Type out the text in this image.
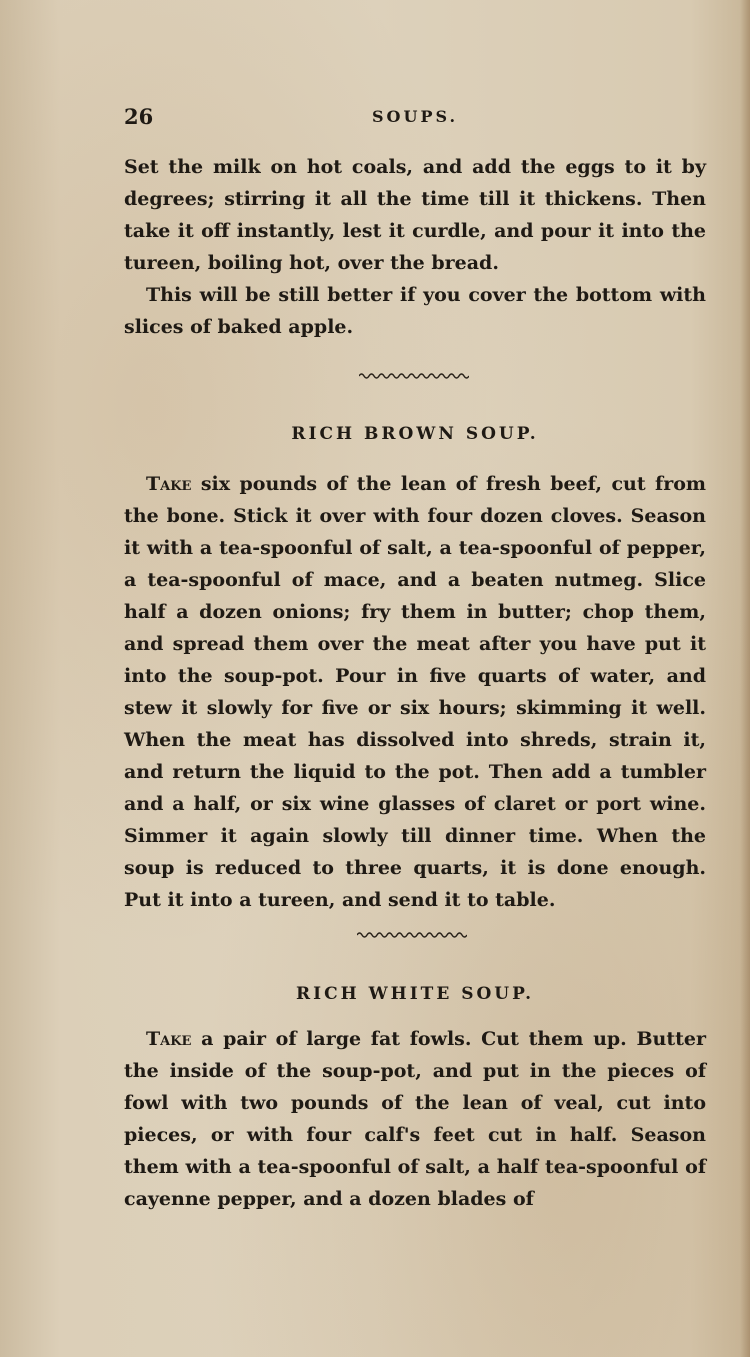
26	SOUPS.

Set the milk on hot coals, and add the eggs to it by degrees; stirring it all the time till it thickens. Then take it off instantly, lest it curdle, and pour it into the tureen, boiling hot, over the bread.

This will be still better if you cover the bottom with slices of baked apple.

RICH BROWN SOUP.

Take six pounds of the lean of fresh beef, cut from the bone. Stick it over with four dozen cloves. Season it with a tea-spoonful of salt, a tea-spoonful of pepper, a tea-spoonful of mace, and a beaten nutmeg. Slice half a dozen onions; fry them in butter; chop them, and spread them over the meat after you have put it into the soup-pot. Pour in five quarts of water, and stew it slowly for five or six hours; skimming it well. When the meat has dissolved into shreds, strain it, and return the liquid to the pot. Then add a tumbler and a half, or six wine glasses of claret or port wine. Simmer it again slowly till dinner time. When the soup is reduced to three quarts, it is done enough. Put it into a tureen, and send it to table.

RICH WHITE SOUP.

Take a pair of large fat fowls. Cut them up. Butter the inside of the soup-pot, and put in the pieces of fowl with two pounds of the lean of veal, cut into pieces, or with four calf's feet cut in half. Season them with a tea-spoonful of salt, a half tea-spoonful of cayenne pepper, and a dozen blades of
